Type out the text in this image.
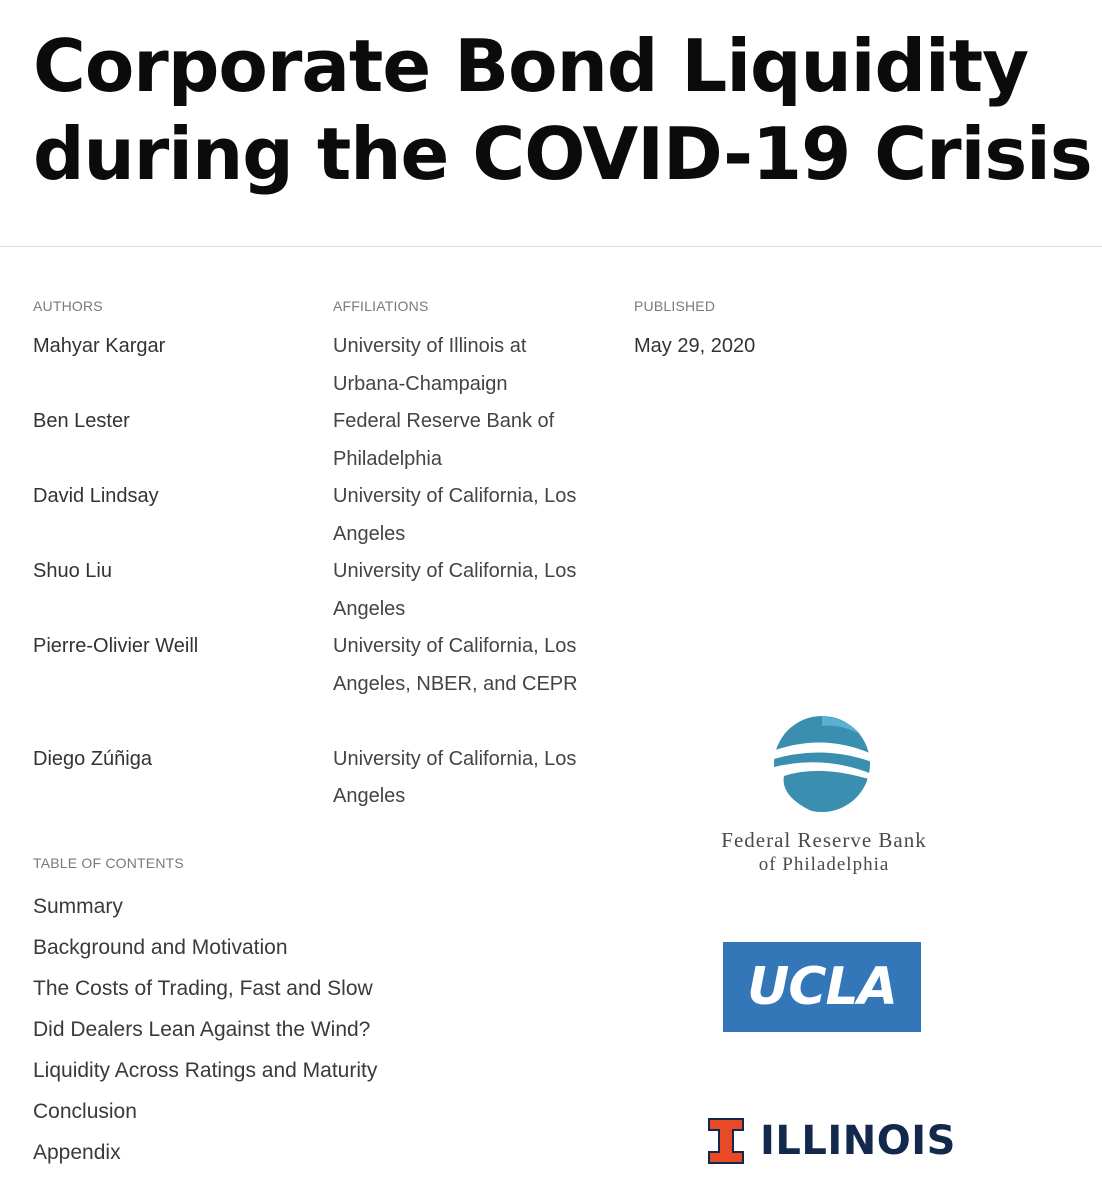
Corporate Bond Liquidity during the COVID-19 Crisis
AUTHORS	AFFILIATIONS	PUBLISHED
Mahyar Kargar
Ben Lester
David Lindsay
Shuo Liu
Pierre-Olivier Weill
Diego Zúñiga
University of Illinois at Urbana-Champaign
Federal Reserve Bank of Philadelphia
University of California, Los Angeles
University of California, Los Angeles
University of California, Los Angeles, NBER, and CEPR
University of California, Los Angeles
May 29, 2020
TABLE OF CONTENTS
Summary
Background and Motivation
The Costs of Trading, Fast and Slow
Did Dealers Lean Against the Wind?
Liquidity Across Ratings and Maturity
Conclusion
Appendix
Federal Reserve Bank
of Philadelphia
UCLA
ILLINOIS
